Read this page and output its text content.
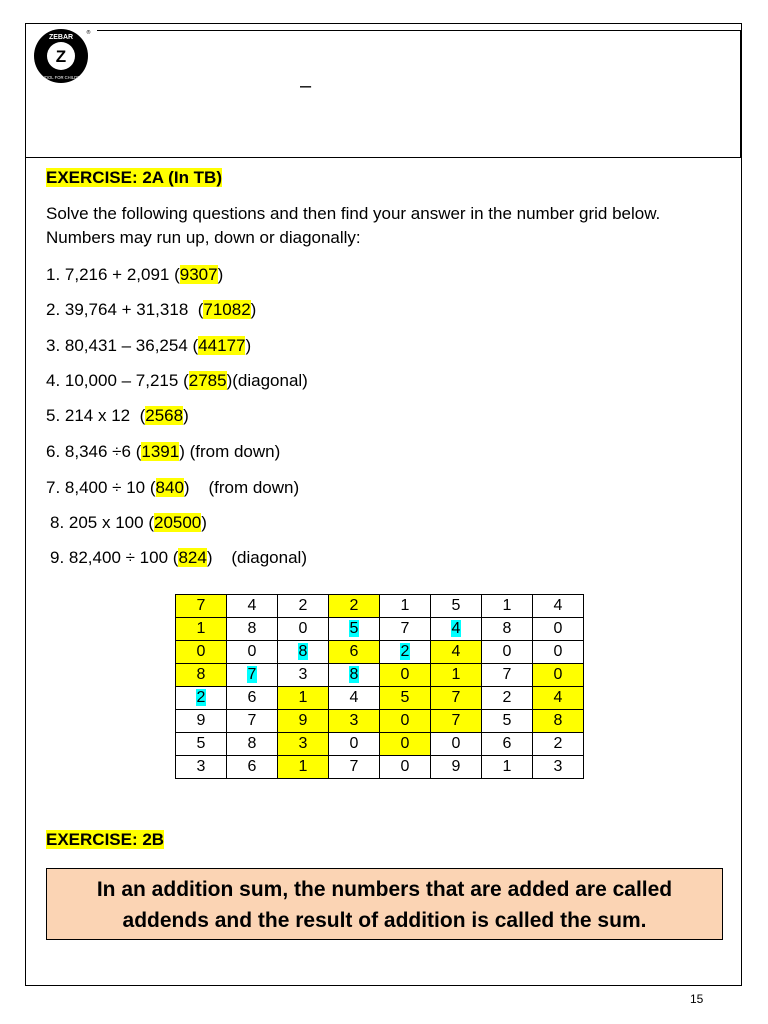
Z
ZEBAR
SCHOOL FOR CHILDREN
®
–
EXERCISE: 2A (In TB)
Solve the following questions and then find your answer in the number grid below. Numbers may run up, down or diagonally:
1. 7,216 + 2,091 (9307)
2. 39,764 + 31,318  (71082)
3. 80,431 – 36,254 (44177)
4. 10,000 – 7,215 (2785)(diagonal)
5. 214 x 12  (2568)
6. 8,346 ÷6 (1391) (from down)
7. 8,400 ÷ 10 (840)    (from down)
8. 205 x 100 (20500)
9. 82,400 ÷ 100 (824)    (diagonal)
7	4	2	2	1	5	1	4
1	8	0	5	7	4	8	0
0	0	8	6	2	4	0	0
8	7	3	8	0	1	7	0
2	6	1	4	5	7	2	4
9	7	9	3	0	7	5	8
5	8	3	0	0	0	6	2
3	6	1	7	0	9	1	3
EXERCISE: 2B
In an addition sum, the numbers that are added are called
addends and the result of addition is called the sum.
15
